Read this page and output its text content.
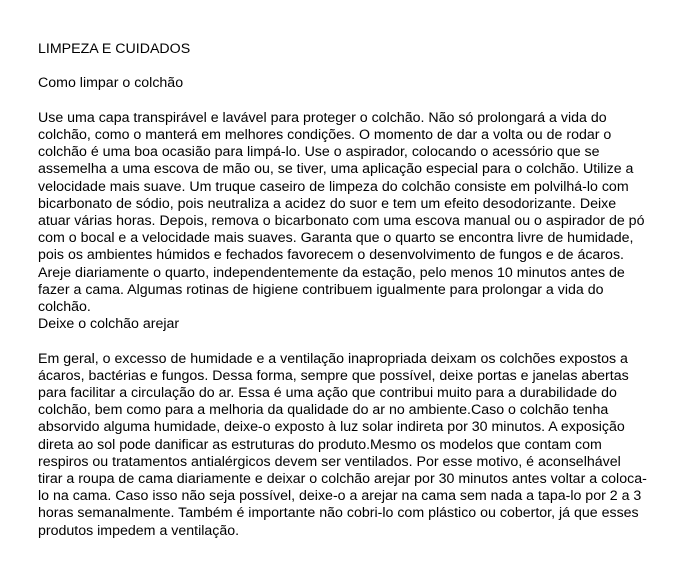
LIMPEZA E CUIDADOS

Como limpar o colchão

Use uma capa transpirável e lavável para proteger o colchão. Não só prolongará a vida do colchão, como o manterá em melhores condições. O momento de dar a volta ou de rodar o colchão é uma boa ocasião para limpá-lo. Use o aspirador, colocando o acessório que se assemelha a uma escova de mão ou, se tiver, uma aplicação especial para o colchão. Utilize a velocidade mais suave. Um truque caseiro de limpeza do colchão consiste em polvilhá-lo com bicarbonato de sódio, pois neutraliza a acidez do suor e tem um efeito desodorizante. Deixe atuar várias horas. Depois, remova o bicarbonato com uma escova manual ou o aspirador de pó com o bocal e a velocidade mais suaves. Garanta que o quarto se encontra livre de humidade, pois os ambientes húmidos e fechados favorecem o desenvolvimento de fungos e de ácaros. Areje diariamente o quarto, independentemente da estação, pelo menos 10 minutos antes de fazer a cama. Algumas rotinas de higiene contribuem igualmente para prolongar a vida do colchão.

Deixe o colchão arejar

Em geral, o excesso de humidade e a ventilação inapropriada deixam os colchões expostos a ácaros, bactérias e fungos. Dessa forma, sempre que possível, deixe portas e janelas abertas para facilitar a circulação do ar. Essa é uma ação que contribui muito para a durabilidade do colchão, bem como para a melhoria da qualidade do ar no ambiente.Caso o colchão tenha absorvido alguma humidade, deixe-o exposto à luz solar indireta por 30 minutos. A exposição direta ao sol pode danificar as estruturas do produto.Mesmo os modelos que contam com respiros ou tratamentos antialérgicos devem ser ventilados. Por esse motivo, é aconselhável tirar a roupa de cama diariamente e deixar o colchão arejar por 30 minutos antes voltar a coloca-lo na cama. Caso isso não seja possível, deixe-o a arejar na cama sem nada a tapa-lo por 2 a 3 horas semanalmente. Também é importante não cobri-lo com plástico ou cobertor, já que esses produtos impedem a ventilação.
